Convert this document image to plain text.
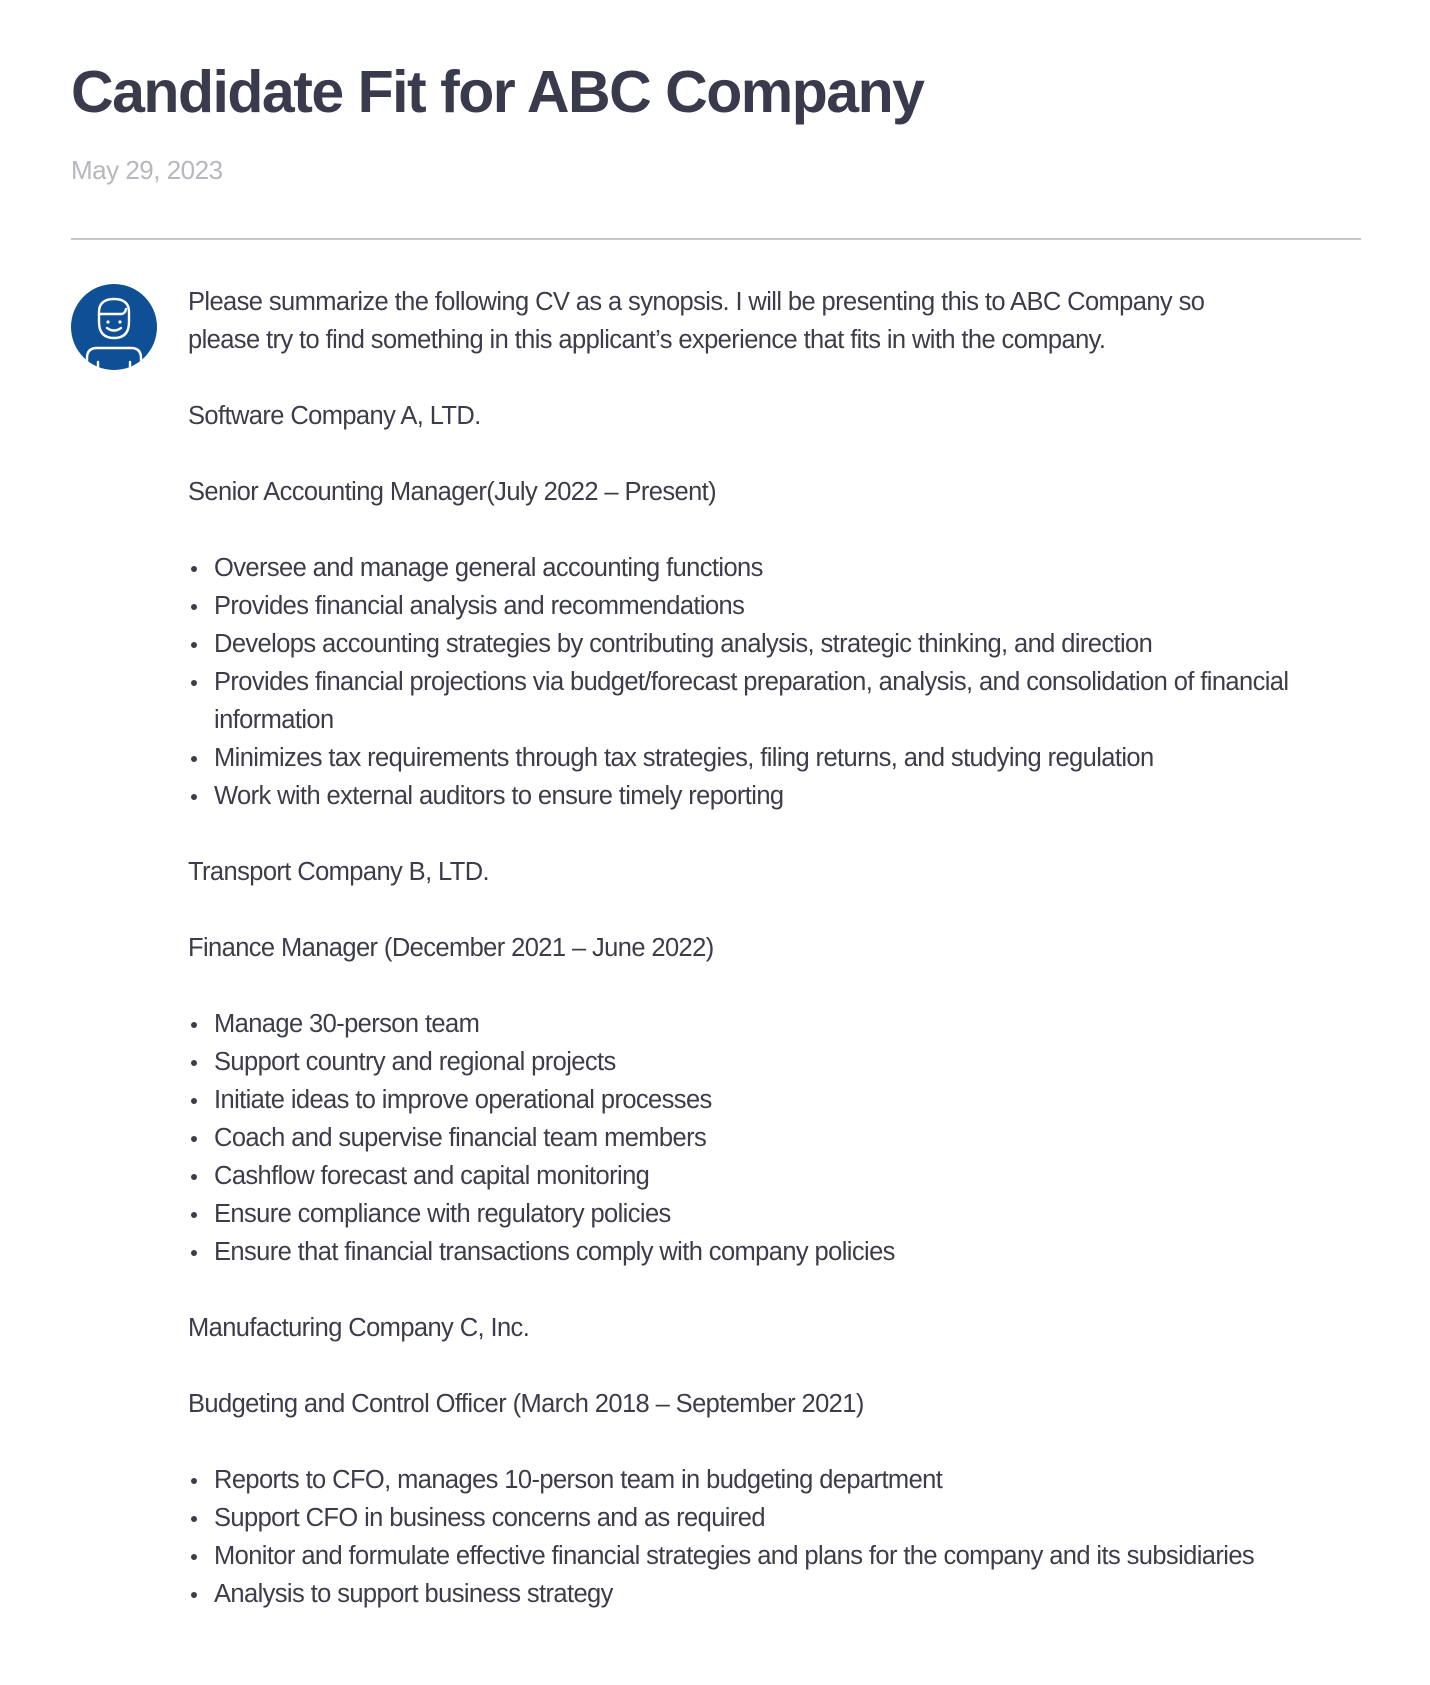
Candidate Fit for ABC Company
May 29, 2023

Please summarize the following CV as a synopsis. I will be presenting this to ABC Company so

please try to find something in this applicant’s experience that fits in with the company.

Software Company A, LTD.

Senior Accounting Manager(July 2022 – Present)

Oversee and manage general accounting functions
Provides financial analysis and recommendations
Develops accounting strategies by contributing analysis, strategic thinking, and direction
Provides financial projections via budget/forecast preparation, analysis, and consolidation of financial information
Minimizes tax requirements through tax strategies, filing returns, and studying regulation
Work with external auditors to ensure timely reporting

Transport Company B, LTD.

Finance Manager (December 2021 – June 2022)

Manage 30-person team
Support country and regional projects
Initiate ideas to improve operational processes
Coach and supervise financial team members
Cashflow forecast and capital monitoring
Ensure compliance with regulatory policies
Ensure that financial transactions comply with company policies

Manufacturing Company C, Inc.

Budgeting and Control Officer (March 2018 – September 2021)

Reports to CFO, manages 10-person team in budgeting department
Support CFO in business concerns and as required
Monitor and formulate effective financial strategies and plans for the company and its subsidiaries
Analysis to support business strategy
